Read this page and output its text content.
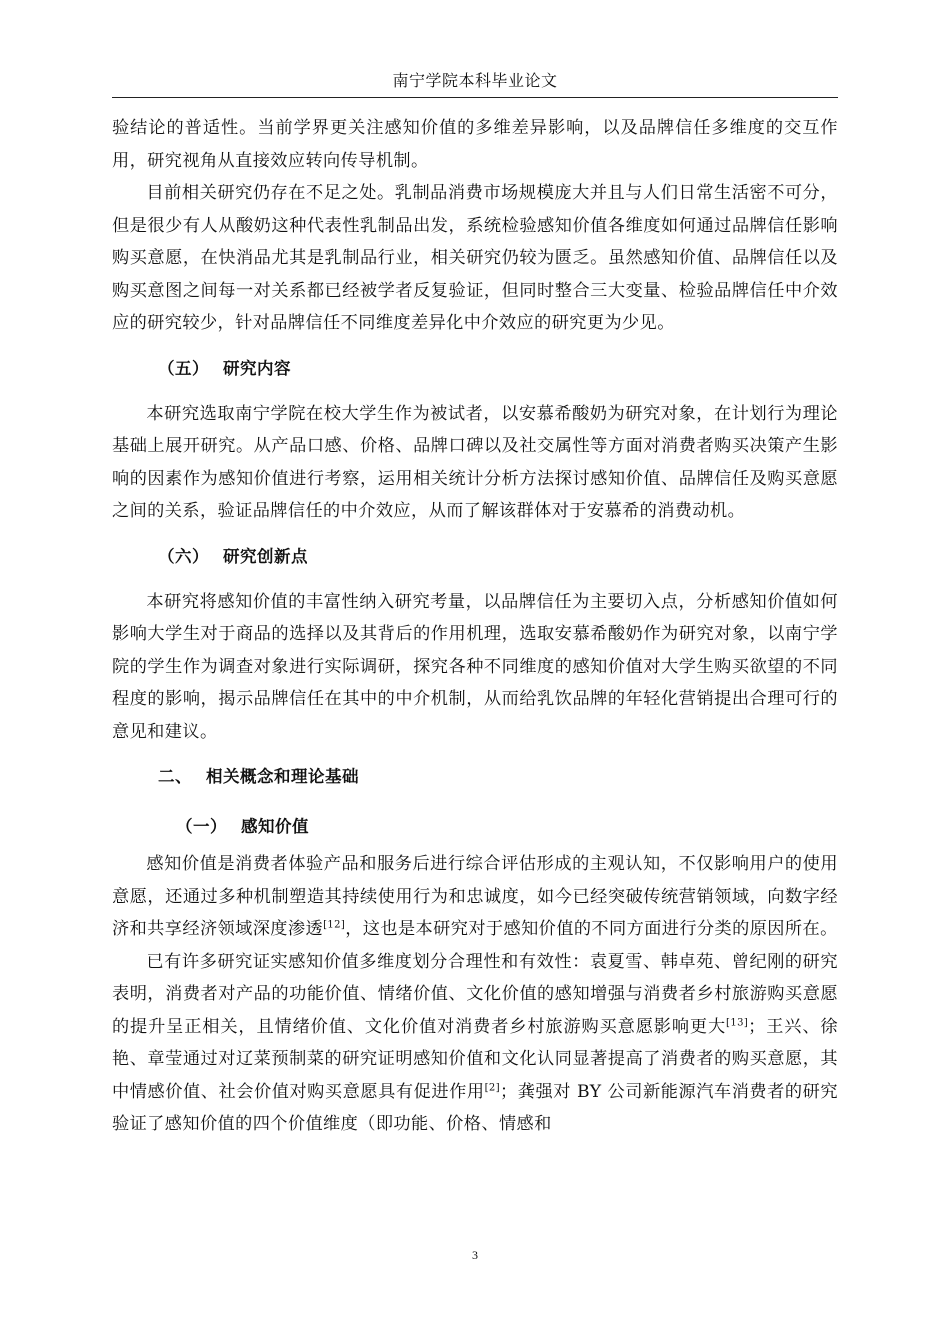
南宁学院本科毕业论文

验结论的普适性。当前学界更关注感知价值的多维差异影响，以及品牌信任多维度的交互作用，研究视角从直接效应转向传导机制。

目前相关研究仍存在不足之处。乳制品消费市场规模庞大并且与人们日常生活密不可分，但是很少有人从酸奶这种代表性乳制品出发，系统检验感知价值各维度如何通过品牌信任影响购买意愿，在快消品尤其是乳制品行业，相关研究仍较为匮乏。虽然感知价值、品牌信任以及购买意图之间每一对关系都已经被学者反复验证，但同时整合三大变量、检验品牌信任中介效应的研究较少，针对品牌信任不同维度差异化中介效应的研究更为少见。

（五） 研究内容

本研究选取南宁学院在校大学生作为被试者，以安慕希酸奶为研究对象，在计划行为理论基础上展开研究。从产品口感、价格、品牌口碑以及社交属性等方面对消费者购买决策产生影响的因素作为感知价值进行考察，运用相关统计分析方法探讨感知价值、品牌信任及购买意愿之间的关系，验证品牌信任的中介效应，从而了解该群体对于安慕希的消费动机。

（六） 研究创新点

本研究将感知价值的丰富性纳入研究考量，以品牌信任为主要切入点，分析感知价值如何影响大学生对于商品的选择以及其背后的作用机理，选取安慕希酸奶作为研究对象，以南宁学院的学生作为调查对象进行实际调研，探究各种不同维度的感知价值对大学生购买欲望的不同程度的影响，揭示品牌信任在其中的中介机制，从而给乳饮品牌的年轻化营销提出合理可行的意见和建议。

二、 相关概念和理论基础
（一） 感知价值

感知价值是消费者体验产品和服务后进行综合评估形成的主观认知，不仅影响用户的使用意愿，还通过多种机制塑造其持续使用行为和忠诚度，如今已经突破传统营销领域，向数字经济和共享经济领域深度渗透[12]，这也是本研究对于感知价值的不同方面进行分类的原因所在。

已有许多研究证实感知价值多维度划分合理性和有效性：袁夏雪、韩卓苑、曾纪刚的研究表明，消费者对产品的功能价值、情绪价值、文化价值的感知增强与消费者乡村旅游购买意愿的提升呈正相关，且情绪价值、文化价值对消费者乡村旅游购买意愿影响更大[13]；王兴、徐艳、章莹通过对辽菜预制菜的研究证明感知价值和文化认同显著提高了消费者的购买意愿，其中情感价值、社会价值对购买意愿具有促进作用[2]；龚强对 BY 公司新能源汽车消费者的研究验证了感知价值的四个价值维度（即功能、价格、情感和

3
